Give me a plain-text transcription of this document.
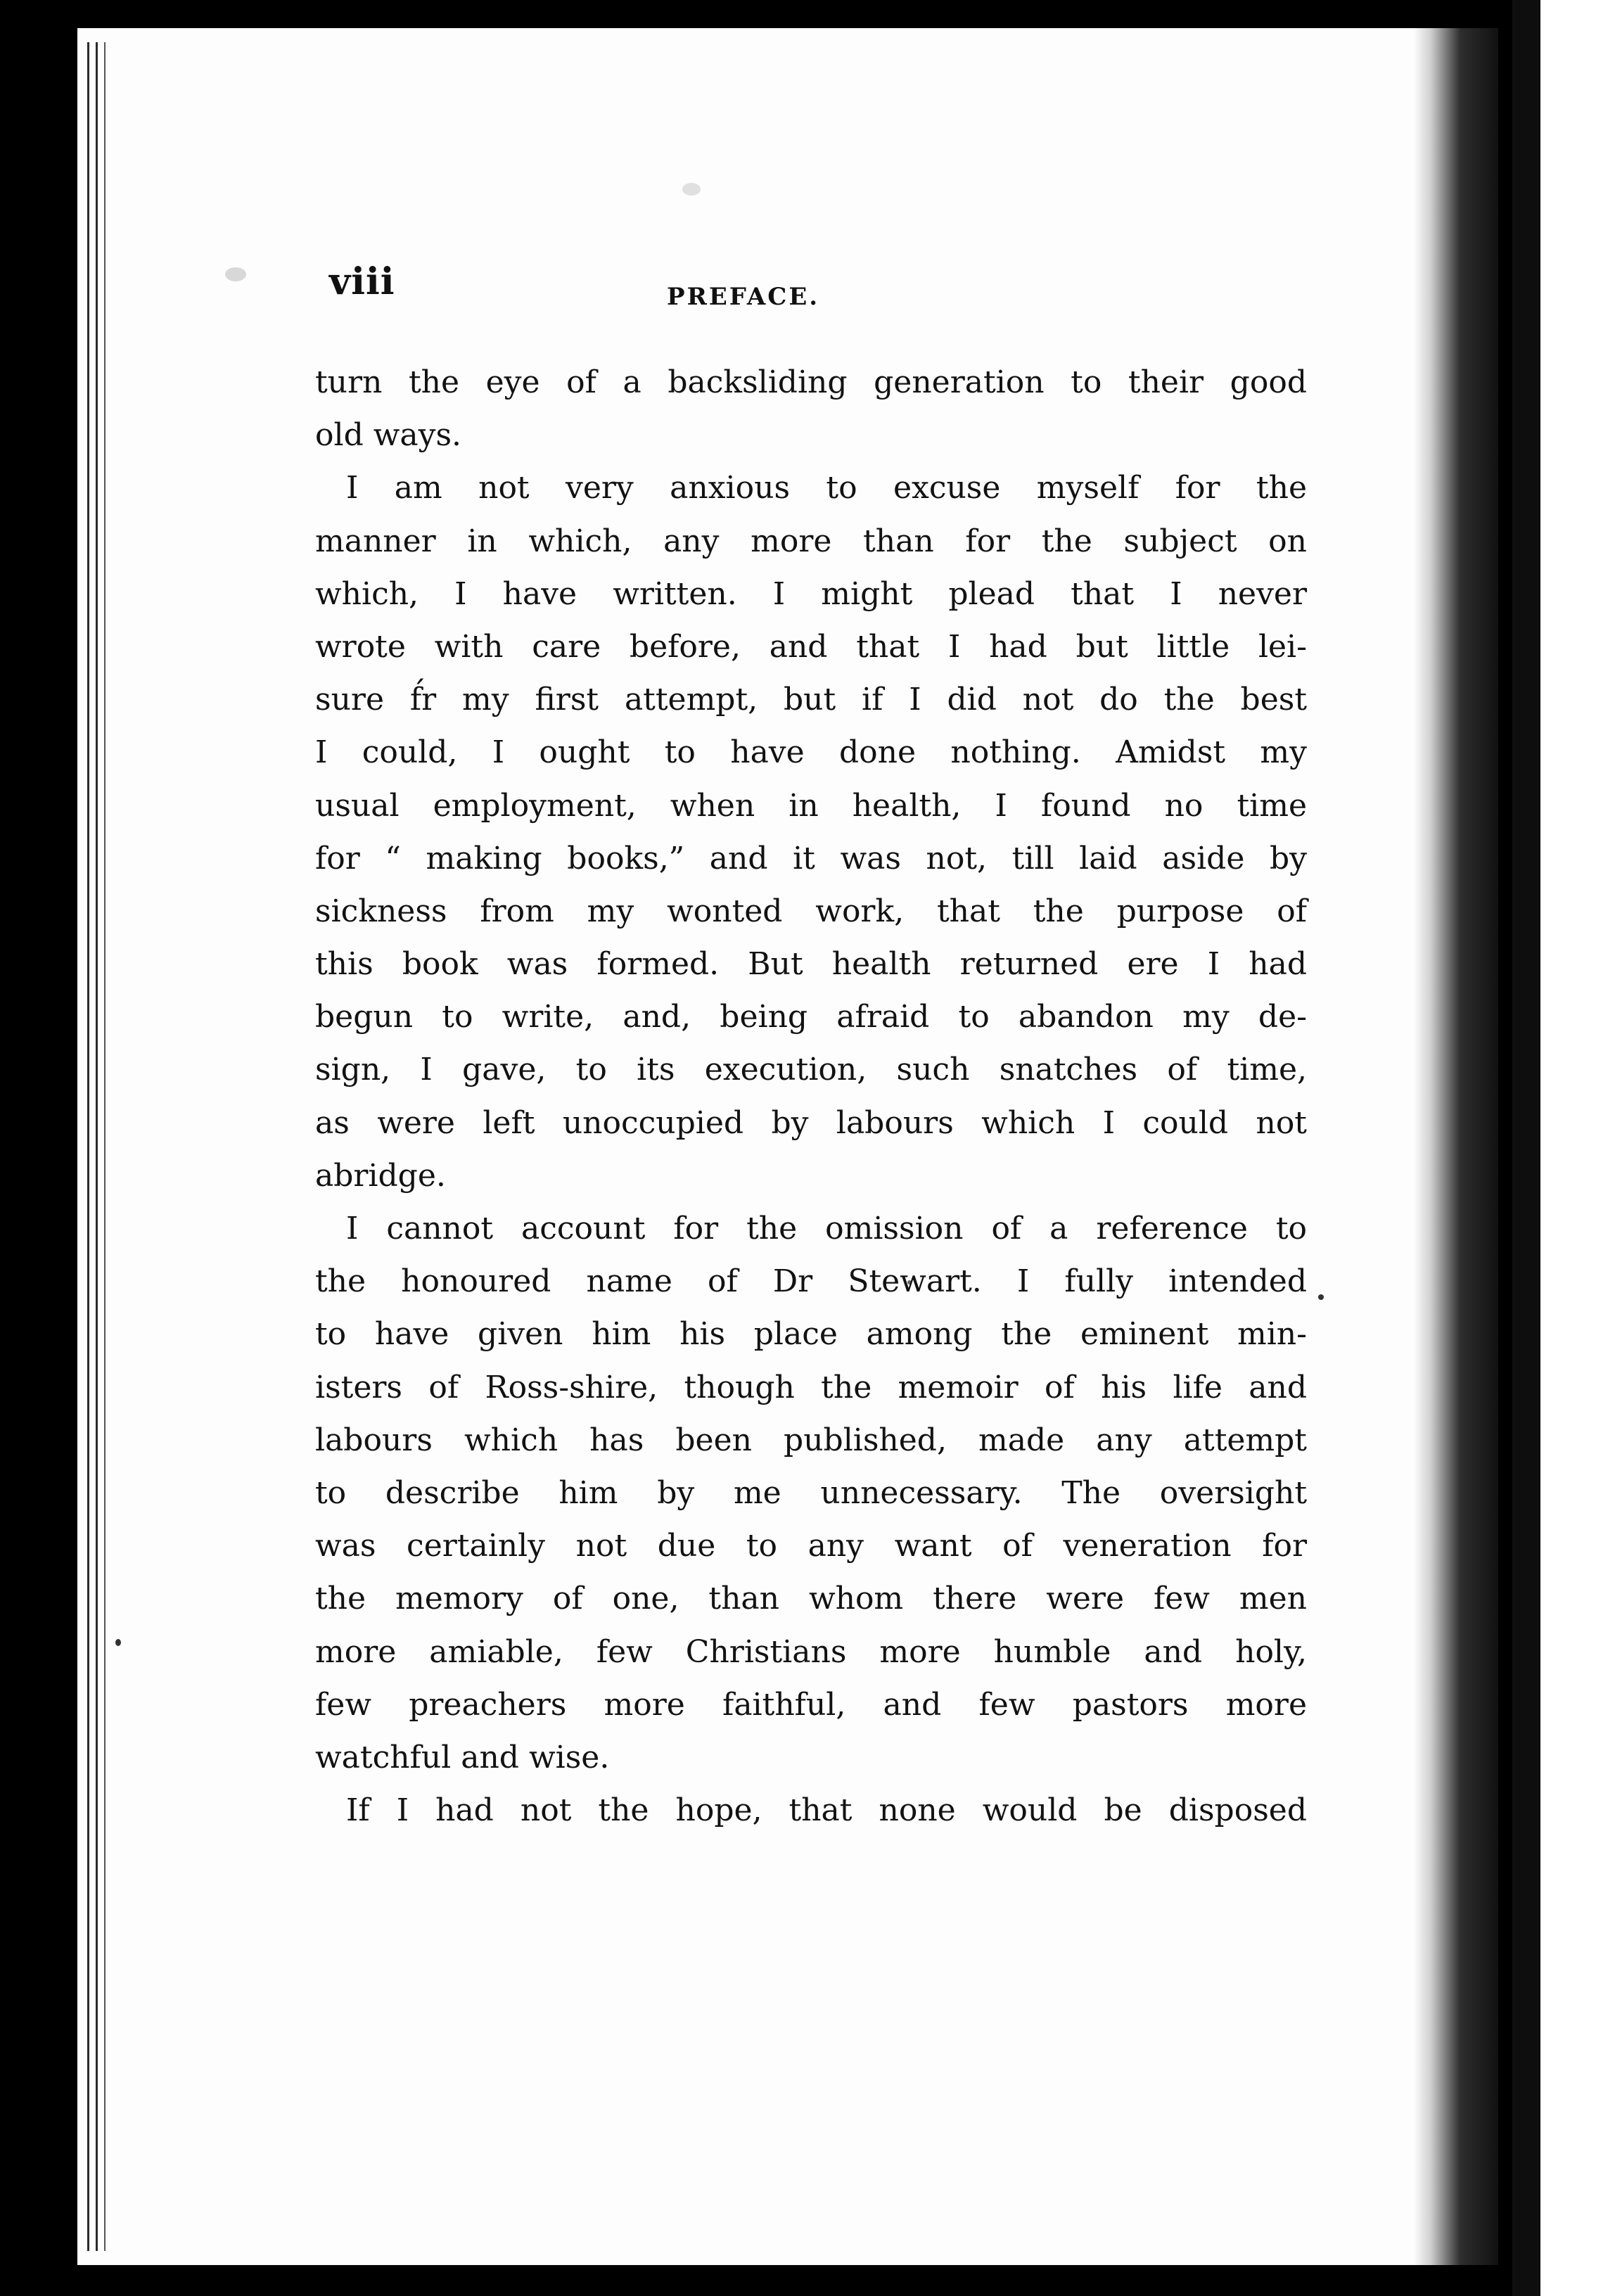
viii	PREFACE.
turn the eye of a backsliding generation to their good
old ways.
I am not very anxious to excuse myself for the
manner in which, any more than for the subject on
which, I have written. I might plead that I never
wrote with care before, and that I had but little lei-
sure f́́r my first attempt, but if I did not do the best
I could, I ought to have done nothing. Amidst my
usual employment, when in health, I found no time
for “ making books,” and it was not, till laid aside by
sickness from my wonted work, that the purpose of
this book was formed. But health returned ere I had
begun to write, and, being afraid to abandon my de-
sign, I gave, to its execution, such snatches of time,
as were left unoccupied by labours which I could not
abridge.
I cannot account for the omission of a reference to
the honoured name of Dr Stewart. I fully intended
to have given him his place among the eminent min-
isters of Ross-shire, though the memoir of his life and
labours which has been published, made any attempt
to describe him by me unnecessary. The oversight
was certainly not due to any want of veneration for
the memory of one, than whom there were few men
more amiable, few Christians more humble and holy,
few preachers more faithful, and few pastors more
watchful and wise.
If I had not the hope, that none would be disposed
